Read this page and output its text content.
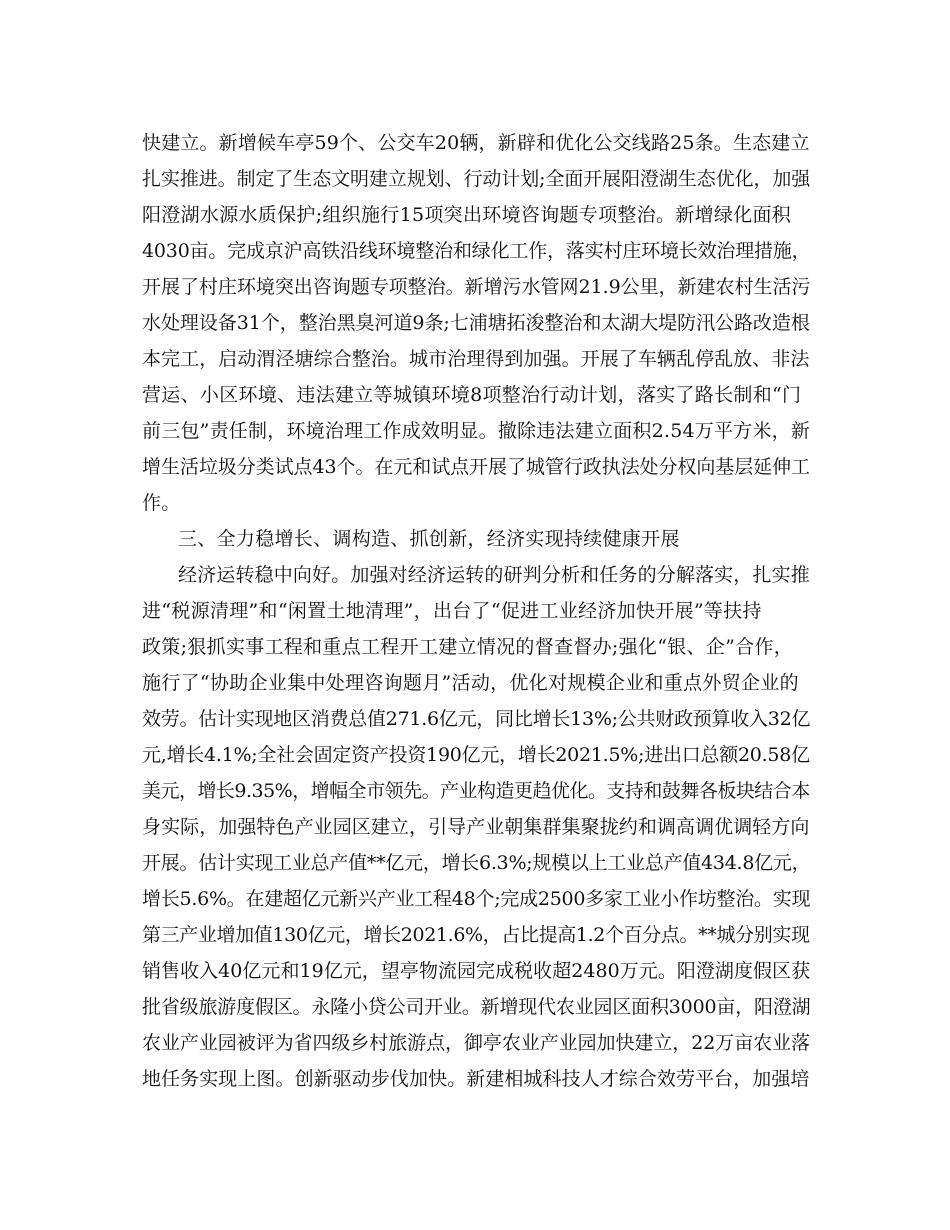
快建立。新增候车亭59个、公交车20辆，新辟和优化公交线路25条。生态建立
扎实推进。制定了生态文明建立规划、行动计划;全面开展阳澄湖生态优化，加强
阳澄湖水源水质保护;组织施行15项突出环境咨询题专项整治。新增绿化面积
4030亩。完成京沪高铁沿线环境整治和绿化工作，落实村庄环境长效治理措施，
开展了村庄环境突出咨询题专项整治。新增污水管网21.9公里，新建农村生活污
水处理设备31个，整治黑臭河道9条;七浦塘拓浚整治和太湖大堤防汛公路改造根
本完工，启动渭泾塘综合整治。城市治理得到加强。开展了车辆乱停乱放、非法
营运、小区环境、违法建立等城镇环境8项整治行动计划，落实了路长制和“门
前三包”责任制，环境治理工作成效明显。撤除违法建立面积2.54万平方米，新
增生活垃圾分类试点43个。在元和试点开展了城管行政执法处分权向基层延伸工
作。
三、全力稳增长、调构造、抓创新，经济实现持续健康开展
经济运转稳中向好。加强对经济运转的研判分析和任务的分解落实，扎实推
进“税源清理”和“闲置土地清理”，出台了“促进工业经济加快开展”等扶持
政策;狠抓实事工程和重点工程开工建立情况的督查督办;强化“银、企”合作，
施行了“协助企业集中处理咨询题月”活动，优化对规模企业和重点外贸企业的
效劳。估计实现地区消费总值271.6亿元，同比增长13%;公共财政预算收入32亿
元,增长4.1%;全社会固定资产投资190亿元，增长2021.5%;进出口总额20.58亿
美元，增长9.35%，增幅全市领先。产业构造更趋优化。支持和鼓舞各板块结合本
身实际，加强特色产业园区建立，引导产业朝集群集聚拢约和调高调优调轻方向
开展。估计实现工业总产值**亿元，增长6.3%;规模以上工业总产值434.8亿元，
增长5.6%。在建超亿元新兴产业工程48个;完成2500多家工业小作坊整治。实现
第三产业增加值130亿元，增长2021.6%，占比提高1.2个百分点。**城分别实现
销售收入40亿元和19亿元，望亭物流园完成税收超2480万元。阳澄湖度假区获
批省级旅游度假区。永隆小贷公司开业。新增现代农业园区面积3000亩，阳澄湖
农业产业园被评为省四级乡村旅游点，御亭农业产业园加快建立，22万亩农业落
地任务实现上图。创新驱动步伐加快。新建相城科技人才综合效劳平台，加强培
